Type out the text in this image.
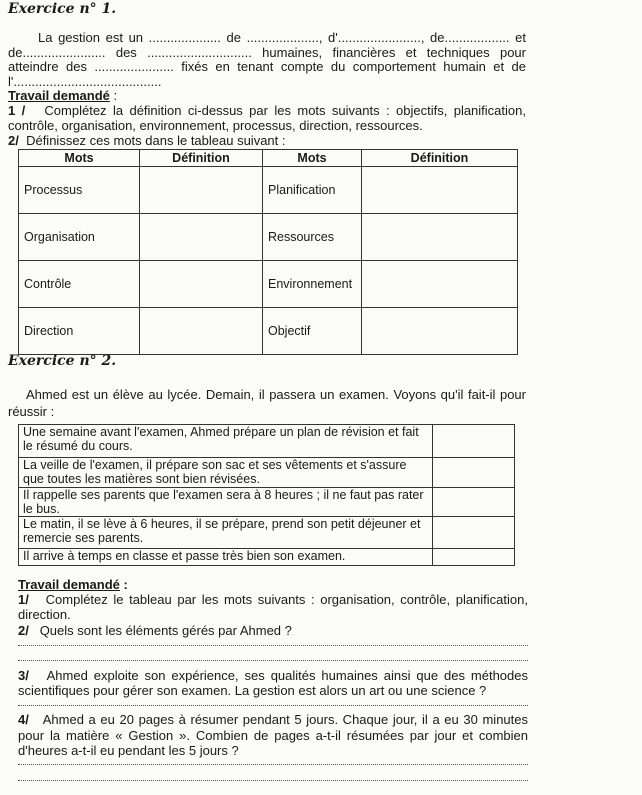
Exercice n° 1.
La gestion est un .................... de ...................., d'......................., de.................. et de....................... des ............................. humaines, financières et techniques pour atteindre des ...................... fixés en tenant compte du comportement humain et de l'.........................................
Travail demandé :
1 / Complétez la définition ci-dessus par les mots suivants : objectifs, planification, contrôle, organisation, environnement, processus, direction, ressources.
2/ Définissez ces mots dans le tableau suivant :
Mots	Définition	Mots	Définition
Processus		Planification	
Organisation		Ressources	
Contrôle		Environnement	
Direction		Objectif	
Exercice n° 2.
Ahmed est un élève au lycée. Demain, il passera un examen. Voyons qu'il fait-il pour réussir :
Une semaine avant l'examen, Ahmed prépare un plan de révision et fait le résumé du cours.	
La veille de l'examen, il prépare son sac et ses vêtements et s'assure que toutes les matières sont bien révisées.	
Il rappelle ses parents que l'examen sera à 8 heures ; il ne faut pas rater le bus.	
Le matin, il se lève à 6 heures, il se prépare, prend son petit déjeuner et remercie ses parents.	
Il arrive à temps en classe et passe très bien son examen.	
Travail demandé :
1/ Complétez le tableau par les mots suivants : organisation, contrôle, planification, direction.
2/ Quels sont les éléments gérés par Ahmed ?
3/ Ahmed exploite son expérience, ses qualités humaines ainsi que des méthodes scientifiques pour gérer son examen. La gestion est alors un art ou une science ?
4/ Ahmed a eu 20 pages à résumer pendant 5 jours. Chaque jour, il a eu 30 minutes pour la matière « Gestion ». Combien de pages a-t-il résumées par jour et combien d'heures a-t-il eu pendant les 5 jours ?
